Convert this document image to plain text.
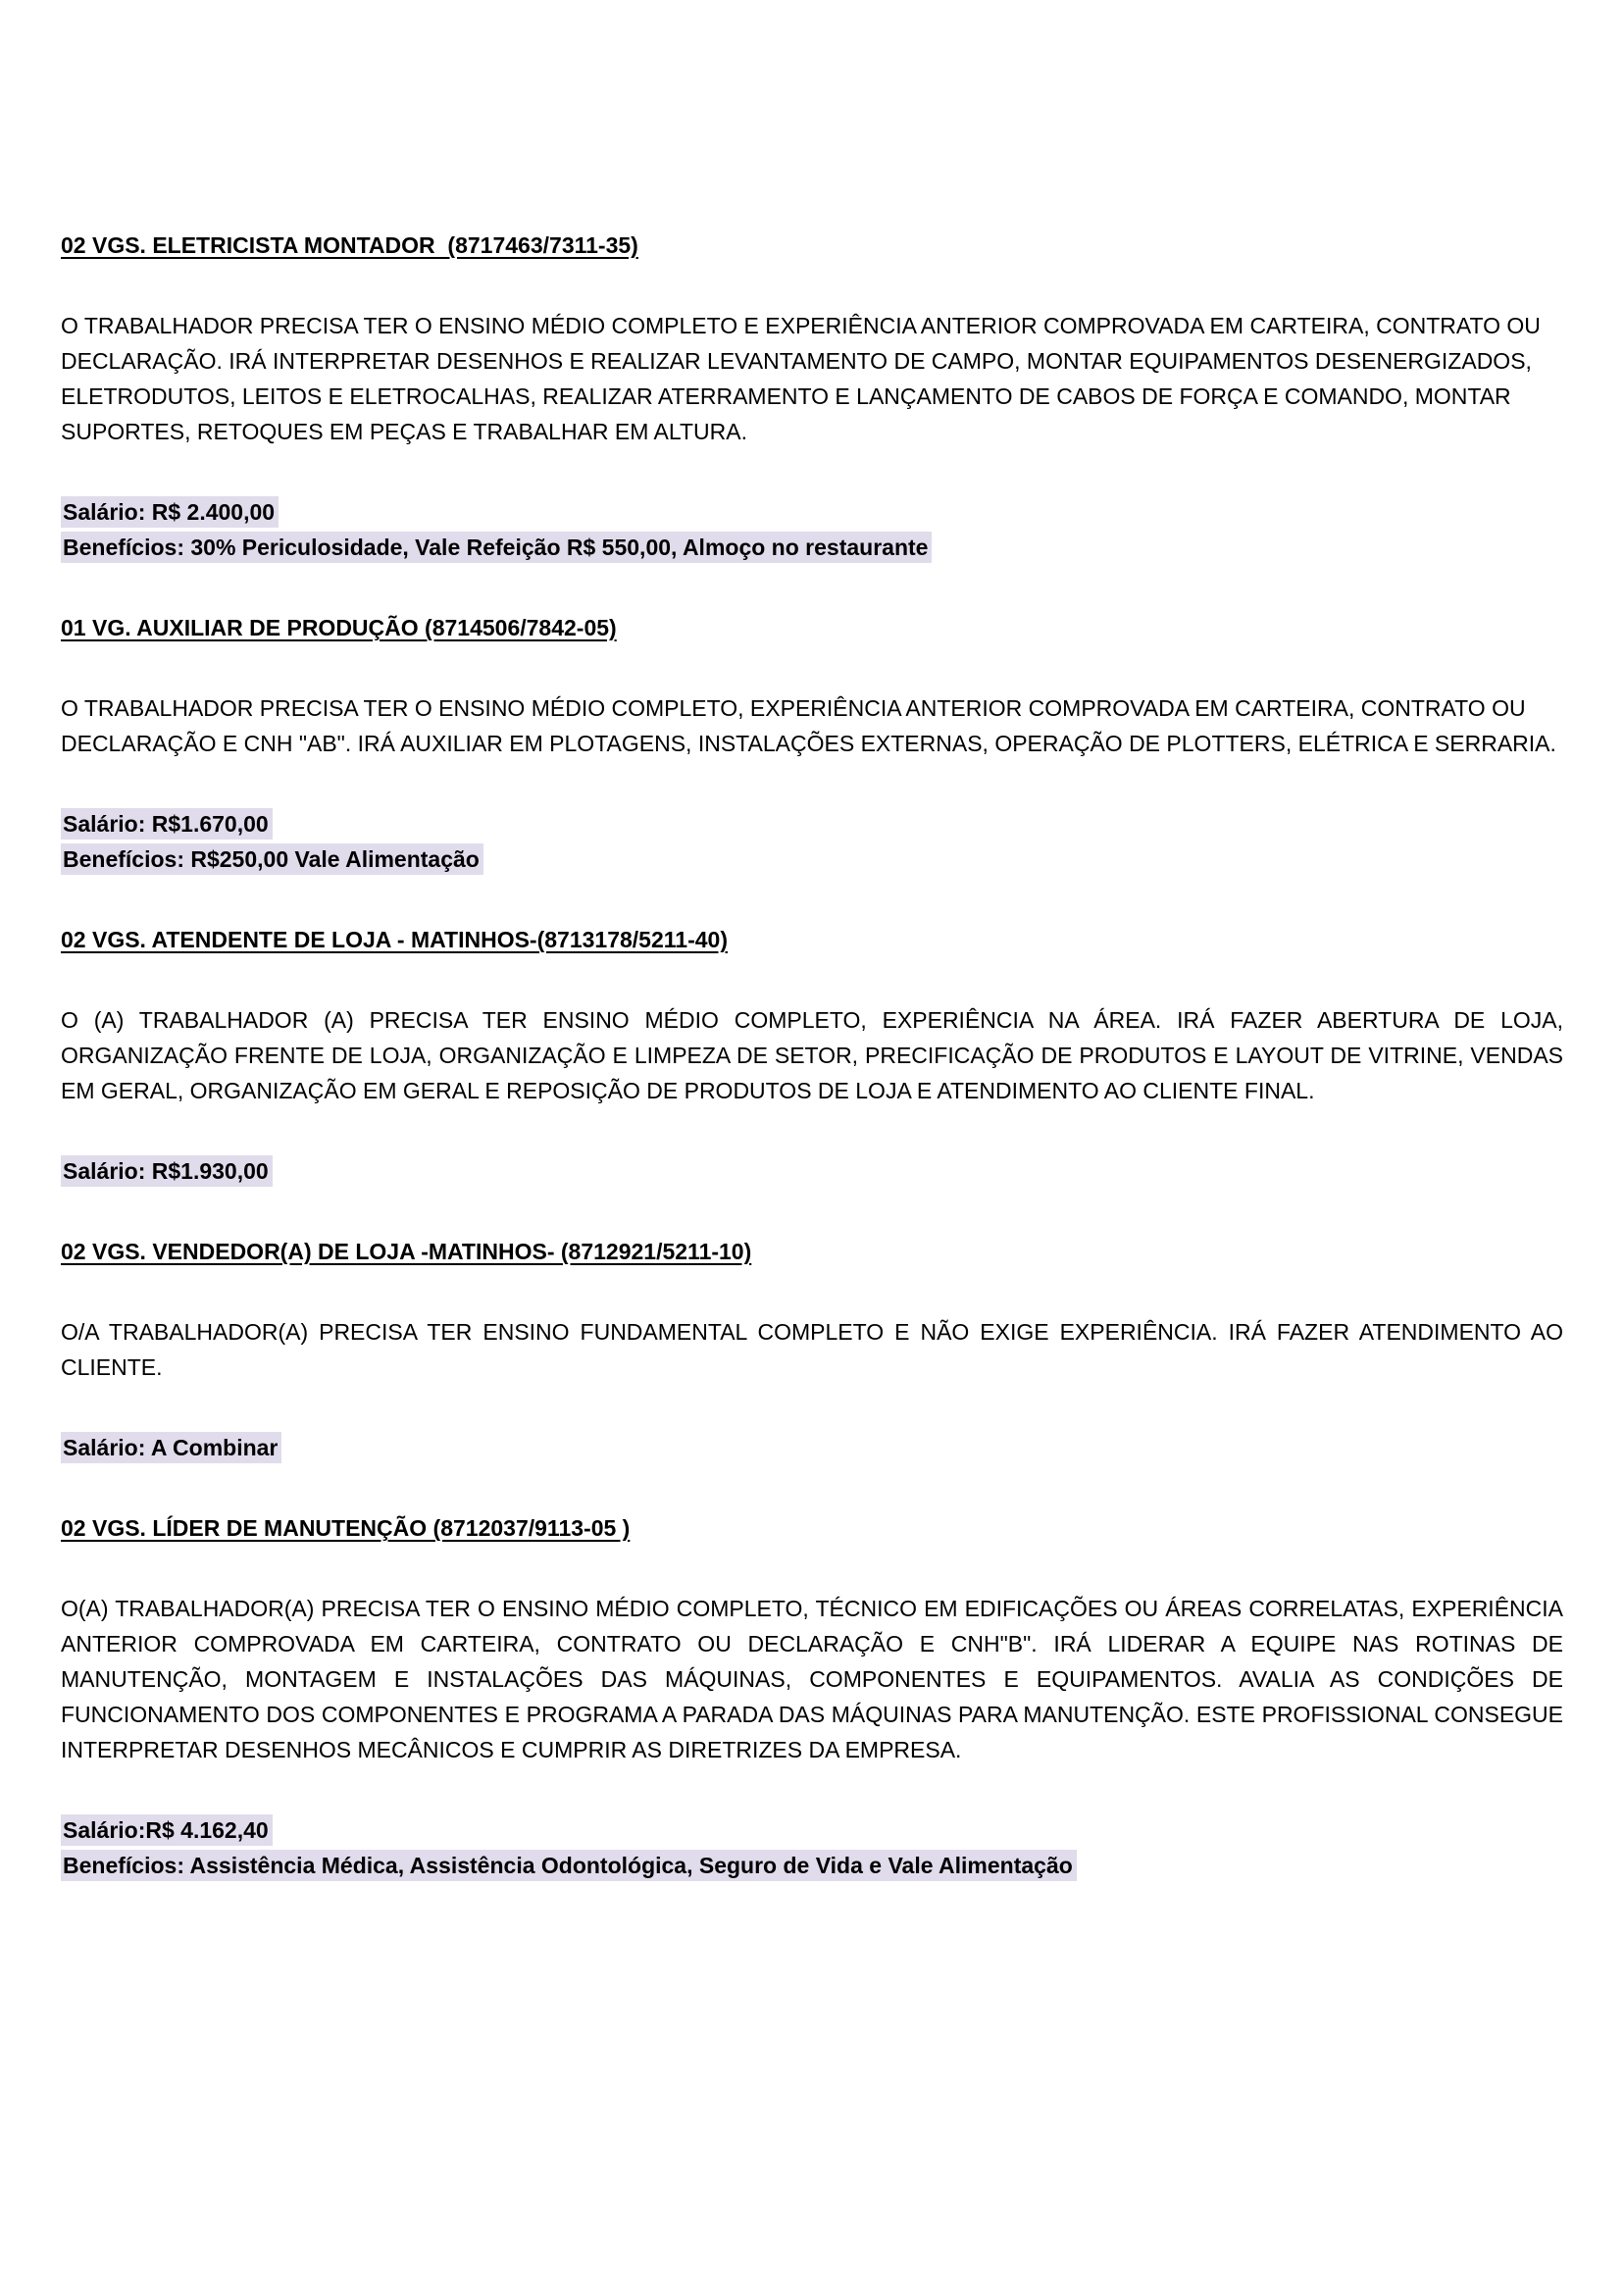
02 VGS. ELETRICISTA MONTADOR  (8717463/7311-35)

O TRABALHADOR PRECISA TER O ENSINO MÉDIO COMPLETO E EXPERIÊNCIA ANTERIOR COMPROVADA EM CARTEIRA, CONTRATO OU DECLARAÇÃO. IRÁ INTERPRETAR DESENHOS E REALIZAR LEVANTAMENTO DE CAMPO, MONTAR EQUIPAMENTOS DESENERGIZADOS, ELETRODUTOS, LEITOS E ELETROCALHAS, REALIZAR ATERRAMENTO E LANÇAMENTO DE CABOS DE FORÇA E COMANDO, MONTAR SUPORTES, RETOQUES EM PEÇAS E TRABALHAR EM ALTURA.

Salário: R$ 2.400,00

Benefícios: 30% Periculosidade, Vale Refeição R$ 550,00, Almoço no restaurante

01 VG. AUXILIAR DE PRODUÇÃO (8714506/7842-05)

O TRABALHADOR PRECISA TER O ENSINO MÉDIO COMPLETO, EXPERIÊNCIA ANTERIOR COMPROVADA EM CARTEIRA, CONTRATO OU DECLARAÇÃO E CNH "AB". IRÁ AUXILIAR EM PLOTAGENS, INSTALAÇÕES EXTERNAS, OPERAÇÃO DE PLOTTERS, ELÉTRICA E SERRARIA.

Salário: R$1.670,00

Benefícios: R$250,00 Vale Alimentação

02 VGS. ATENDENTE DE LOJA - MATINHOS-(8713178/5211-40)

O (A) TRABALHADOR (A) PRECISA TER ENSINO MÉDIO COMPLETO, EXPERIÊNCIA NA ÁREA. IRÁ FAZER ABERTURA DE LOJA, ORGANIZAÇÃO FRENTE DE LOJA, ORGANIZAÇÃO E LIMPEZA DE SETOR, PRECIFICAÇÃO DE PRODUTOS E LAYOUT DE VITRINE, VENDAS EM GERAL, ORGANIZAÇÃO EM GERAL E REPOSIÇÃO DE PRODUTOS DE LOJA E ATENDIMENTO AO CLIENTE FINAL.

Salário: R$1.930,00

02 VGS. VENDEDOR(A) DE LOJA -MATINHOS- (8712921/5211-10)

O/A TRABALHADOR(A) PRECISA TER ENSINO FUNDAMENTAL COMPLETO E NÃO EXIGE EXPERIÊNCIA. IRÁ FAZER ATENDIMENTO AO CLIENTE.

Salário: A Combinar

02 VGS. LÍDER DE MANUTENÇÃO (8712037/9113-05 )

O(A) TRABALHADOR(A) PRECISA TER O ENSINO MÉDIO COMPLETO, TÉCNICO EM EDIFICAÇÕES OU ÁREAS CORRELATAS, EXPERIÊNCIA ANTERIOR COMPROVADA EM CARTEIRA, CONTRATO OU DECLARAÇÃO E CNH"B". IRÁ LIDERAR A EQUIPE NAS ROTINAS DE MANUTENÇÃO, MONTAGEM E INSTALAÇÕES DAS MÁQUINAS, COMPONENTES E EQUIPAMENTOS. AVALIA AS CONDIÇÕES DE FUNCIONAMENTO DOS COMPONENTES E PROGRAMA A PARADA DAS MÁQUINAS PARA MANUTENÇÃO. ESTE PROFISSIONAL CONSEGUE INTERPRETAR DESENHOS MECÂNICOS E CUMPRIR AS DIRETRIZES DA EMPRESA.

Salário:R$ 4.162,40

Benefícios: Assistência Médica, Assistência Odontológica, Seguro de Vida e Vale Alimentação
